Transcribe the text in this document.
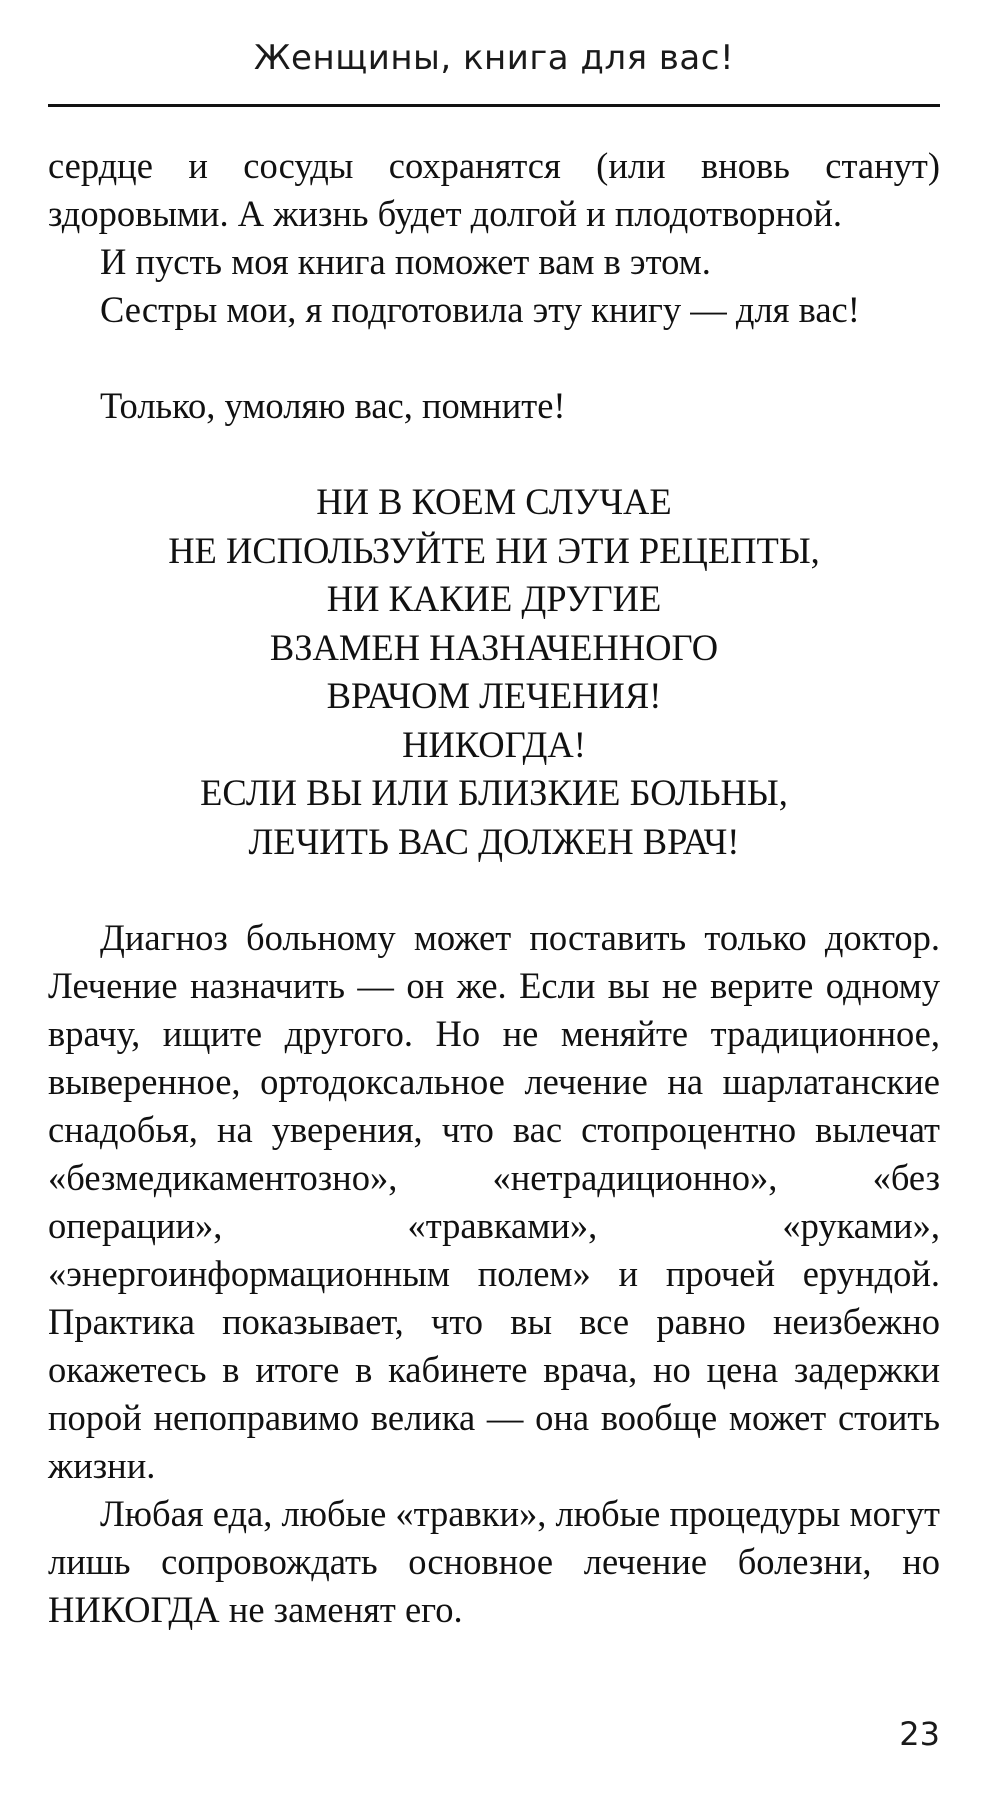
Женщины, книга для вас!

сердце и сосуды сохранятся (или вновь станут) здоровыми. А жизнь будет долгой и плодотворной.

И пусть моя книга поможет вам в этом.

Сестры мои, я подготовила эту книгу — для вас!

Только, умоляю вас, помните!

НИ В КОЕМ СЛУЧАЕ
НЕ ИСПОЛЬЗУЙТЕ НИ ЭТИ РЕЦЕПТЫ,
НИ КАКИЕ ДРУГИЕ
ВЗАМЕН НАЗНАЧЕННОГО
ВРАЧОМ ЛЕЧЕНИЯ!
НИКОГДА!
ЕСЛИ ВЫ ИЛИ БЛИЗКИЕ БОЛЬНЫ,
ЛЕЧИТЬ ВАС ДОЛЖЕН ВРАЧ!

Диагноз больному может поставить только доктор. Лечение назначить — он же. Если вы не верите одному врачу, ищите другого. Но не меняйте традиционное, выверенное, ортодоксальное лечение на шарлатанские снадобья, на уверения, что вас стопроцентно вылечат «безмедикаментозно», «нетрадиционно», «без операции», «травками», «руками», «энергоинформационным полем» и прочей ерундой. Практика показывает, что вы все равно неизбежно окажетесь в итоге в кабинете врача, но цена задержки порой непоправимо велика — она вообще может стоить жизни.

Любая еда, любые «травки», любые процедуры могут лишь сопровождать основное лечение болезни, но НИКОГДА не заменят его.

23
